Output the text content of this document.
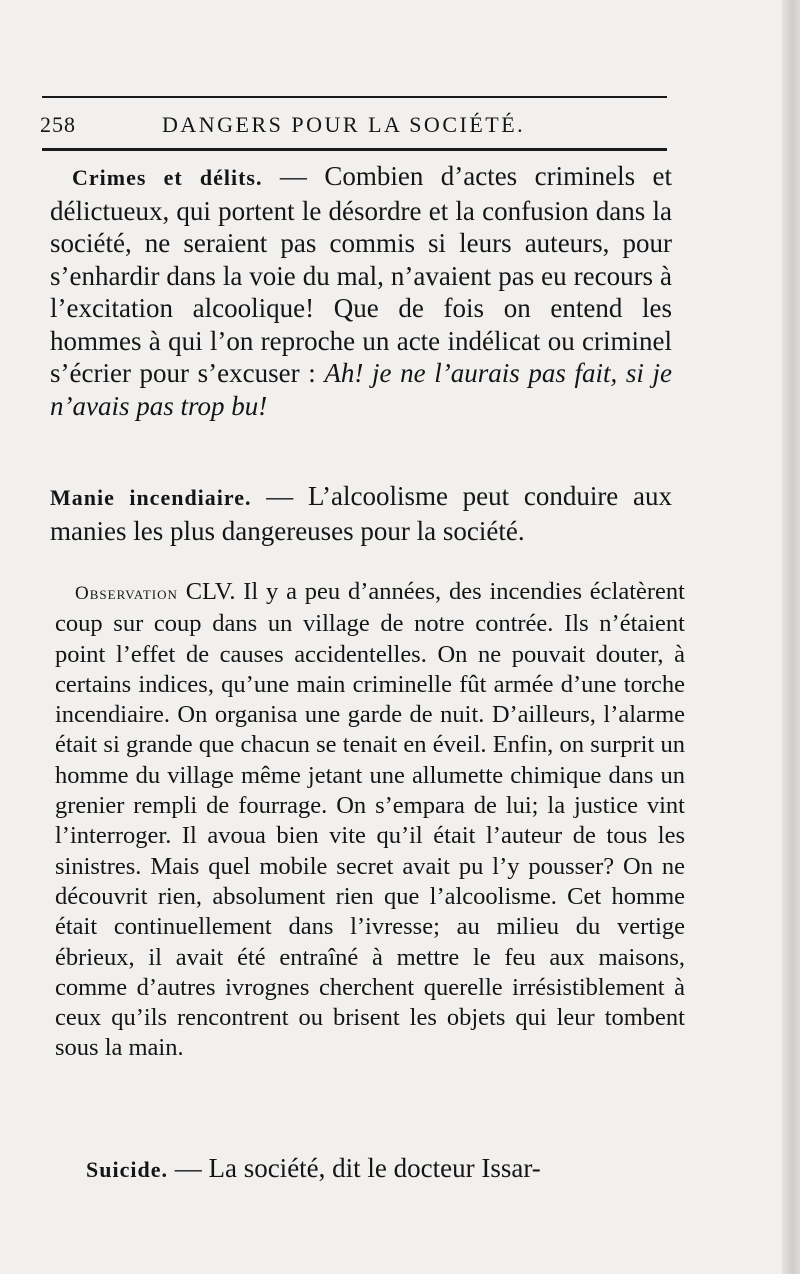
258	DANGERS POUR LA SOCIÉTÉ.

Crimes et délits. — Combien d’actes criminels et délictueux, qui portent le désordre et la confusion dans la société, ne seraient pas commis si leurs auteurs, pour s’enhardir dans la voie du mal, n’avaient pas eu recours à l’excitation alcoolique! Que de fois on entend les hommes à qui l’on reproche un acte indélicat ou criminel s’écrier pour s’excuser : Ah! je ne l’aurais pas fait, si je n’avais pas trop bu!

Manie incendiaire. — L’alcoolisme peut conduire aux manies les plus dangereuses pour la société.

Observation CLV. Il y a peu d’années, des incendies éclatèrent coup sur coup dans un village de notre contrée. Ils n’étaient point l’effet de causes accidentelles. On ne pouvait douter, à certains indices, qu’une main criminelle fût armée d’une torche incendiaire. On organisa une garde de nuit. D’ailleurs, l’alarme était si grande que chacun se tenait en éveil. Enfin, on surprit un homme du village même jetant une allumette chimique dans un grenier rempli de fourrage. On s’empara de lui; la justice vint l’interroger. Il avoua bien vite qu’il était l’auteur de tous les sinistres. Mais quel mobile secret avait pu l’y pousser? On ne découvrit rien, absolument rien que l’alcoolisme. Cet homme était continuellement dans l’ivresse; au milieu du vertige ébrieux, il avait été entraîné à mettre le feu aux maisons, comme d’autres ivrognes cherchent querelle irrésistiblement à ceux qu’ils rencontrent ou brisent les objets qui leur tombent sous la main.

Suicide. — La société, dit le docteur Issar-
